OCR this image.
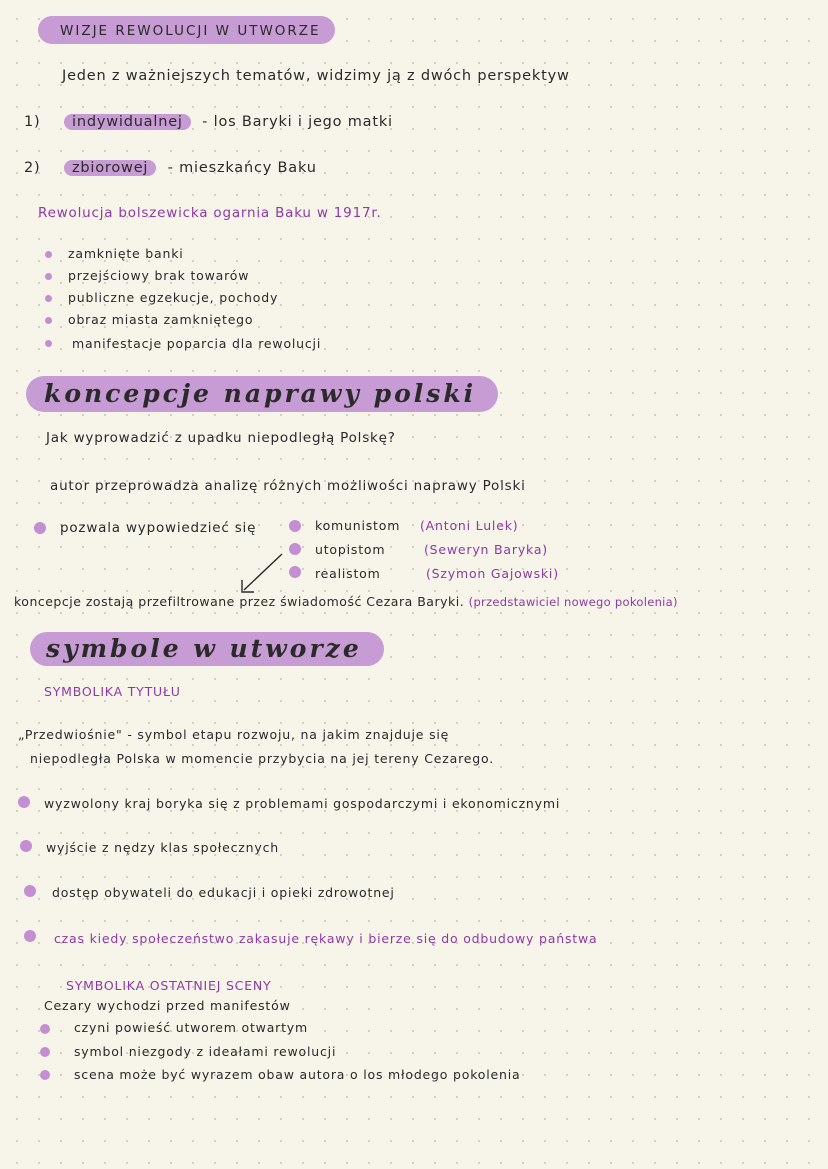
WIZJE REWOLUCJI W UTWORZE
Jeden z ważniejszych tematów, widzimy ją z dwóch perspektyw
1)	indywidualnej - los Baryki i jego matki
2)	zbiorowej - mieszkańcy Baku
Rewolucja bolszewicka ogarnia Baku w 1917r.
zamknięte banki
przejściowy brak towarów
publiczne egzekucje, pochody
obraz miasta zamkniętego
manifestacje poparcia dla rewolucji
koncepcje naprawy polski
Jak wyprowadzić z upadku niepodległą Polskę?
autor przeprowadza analizę różnych możliwości naprawy Polski
pozwala wypowiedzieć się	komunistom (Antoni Lulek)
utopistom	(Seweryn Baryka)
realistom	(Szymon Gajowski)
koncepcje zostają przefiltrowane przez świadomość Cezara Baryki. (przedstawiciel nowego pokolenia)
symbole w utworze
SYMBOLIKA TYTUŁU
„Przedwiośnie" - symbol etapu rozwoju, na jakim znajduje się
niepodległa Polska w momencie przybycia na jej tereny Cezarego.
wyzwolony kraj boryka się z problemami gospodarczymi i ekonomicznymi
wyjście z nędzy klas społecznych
dostęp obywateli do edukacji i opieki zdrowotnej
czas kiedy społeczeństwo zakasuje rękawy i bierze się do odbudowy państwa
SYMBOLIKA OSTATNIEJ SCENY
Cezary wychodzi przed manifestów
czyni powieść utworem otwartym
symbol niezgody z ideałami rewolucji
scena może być wyrazem obaw autora o los młodego pokolenia
